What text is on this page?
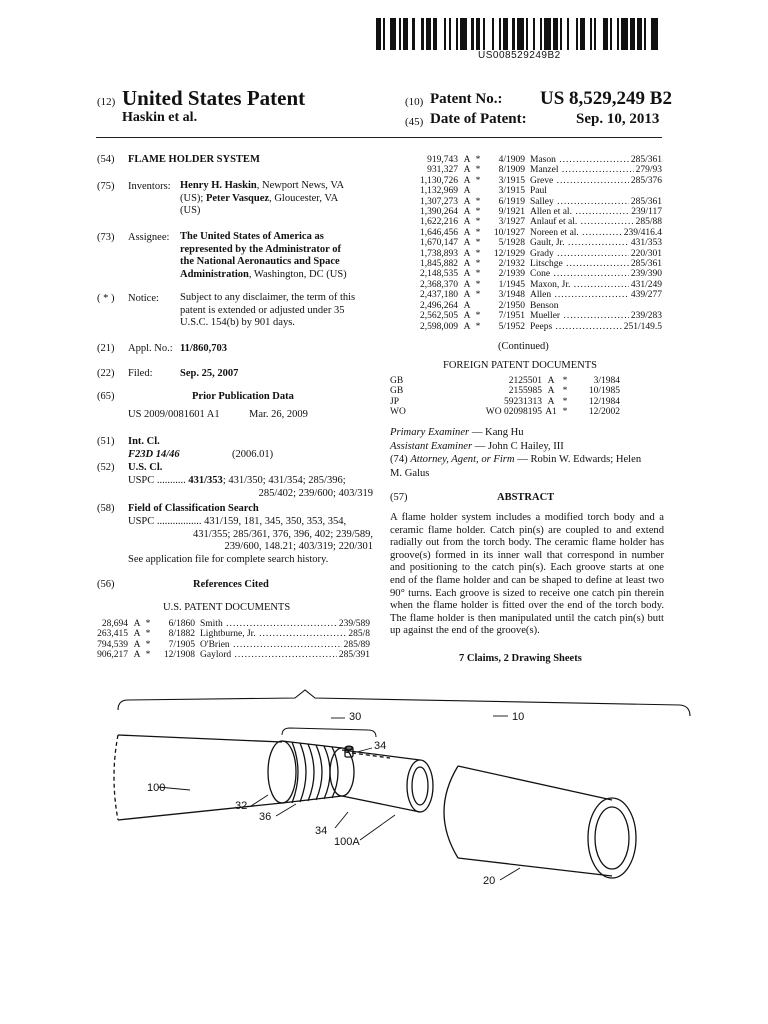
US008529249B2
(12) United States Patent
Haskin et al.
(10) Patent No.: US 8,529,249 B2
(45) Date of Patent:	Sep. 10, 2013
(54) FLAME HOLDER SYSTEM
(75) Inventors: Henry H. Haskin, Newport News, VA
(US); Peter Vasquez, Gloucester, VA
(US)
(73) Assignee: The United States of America as
represented by the Administrator of
the National Aeronautics and Space
Administration, Washington, DC (US)
( * ) Notice: Subject to any disclaimer, the term of this
patent is extended or adjusted under 35
U.S.C. 154(b) by 901 days.
(21) Appl. No.: 11/860,703
(22) Filed:	Sep. 25, 2007
(65)	Prior Publication Data
US 2009/0081601 A1	Mar. 26, 2009
(51) Int. Cl.
F23D 14/46	(2006.01)
(52) U.S. Cl.
USPC ........... 431/353; 431/350; 431/354; 285/396;
285/402; 239/600; 403/319
(58) Field of Classification Search
USPC ................. 431/159, 181, 345, 350, 353, 354,
431/355; 285/361, 376, 396, 402; 239/589,
239/600, 148.21; 403/319; 220/301
See application file for complete search history.
(56)	References Cited
U.S. PATENT DOCUMENTS
28,694 A *	6/1860 Smith .....	239/589
263,415 A *	8/1882 Lightburne, Jr. .....	285/8
794,539 A *	7/1905 O'Brien .....	285/89
906,217 A *	12/1908 Gaylord .....	285/391
919,743 A *	4/1909 Mason .....	285/361
931,327 A *	8/1909 Manzel .....	279/93
1,130,726 A *	3/1915 Greve .....	285/376
1,132,969 A	3/1915 Paul
1,307,273 A *	6/1919 Salley .....	285/361
1,390,264 A *	9/1921 Allen et al. .....	239/117
1,622,216 A *	3/1927 Anlauf et al. .....	285/88
1,646,456 A *	10/1927 Noreen et al. .....	239/416.4
1,670,147 A *	5/1928 Gault, Jr. .....	431/353
1,738,893 A *	12/1929 Grady .....	220/301
1,845,882 A *	2/1932 Litschge .....	285/361
2,148,535 A *	2/1939 Cone .....	239/390
2,368,370 A *	1/1945 Maxon, Jr. .....	431/249
2,437,180 A *	3/1948 Allen .....	439/277
2,496,264 A	2/1950 Benson
2,562,505 A *	7/1951 Mueller .....	239/283
2,598,009 A *	5/1952 Peeps .....	251/149.5
(Continued)
FOREIGN PATENT DOCUMENTS
GB	2125501 A *	3/1984
GB	2155985 A *	10/1985
JP	59231313 A *	12/1984
WO	WO 02098195 A1 *	12/2002
Primary Examiner — Kang Hu
Assistant Examiner — John C Hailey, III
(74) Attorney, Agent, or Firm — Robin W. Edwards; Helen
M. Galus
(57)	ABSTRACT
A flame holder system includes a modified torch body and a ceramic flame holder. Catch pin(s) are coupled to and extend radially out from the torch body. The ceramic flame holder has groove(s) formed in its inner wall that correspond in number and positioning to the catch pin(s). Each groove starts at one end of the flame holder and can be shaped to define at least two 90° turns. Each groove is sized to receive one catch pin therein when the flame holder is fitted over the end of the torch body. The flame holder is then manipulated until the catch pin(s) butt up against the end of the groove(s).
7 Claims, 2 Drawing Sheets
10
20
30
32
34
34
36
100
100A
